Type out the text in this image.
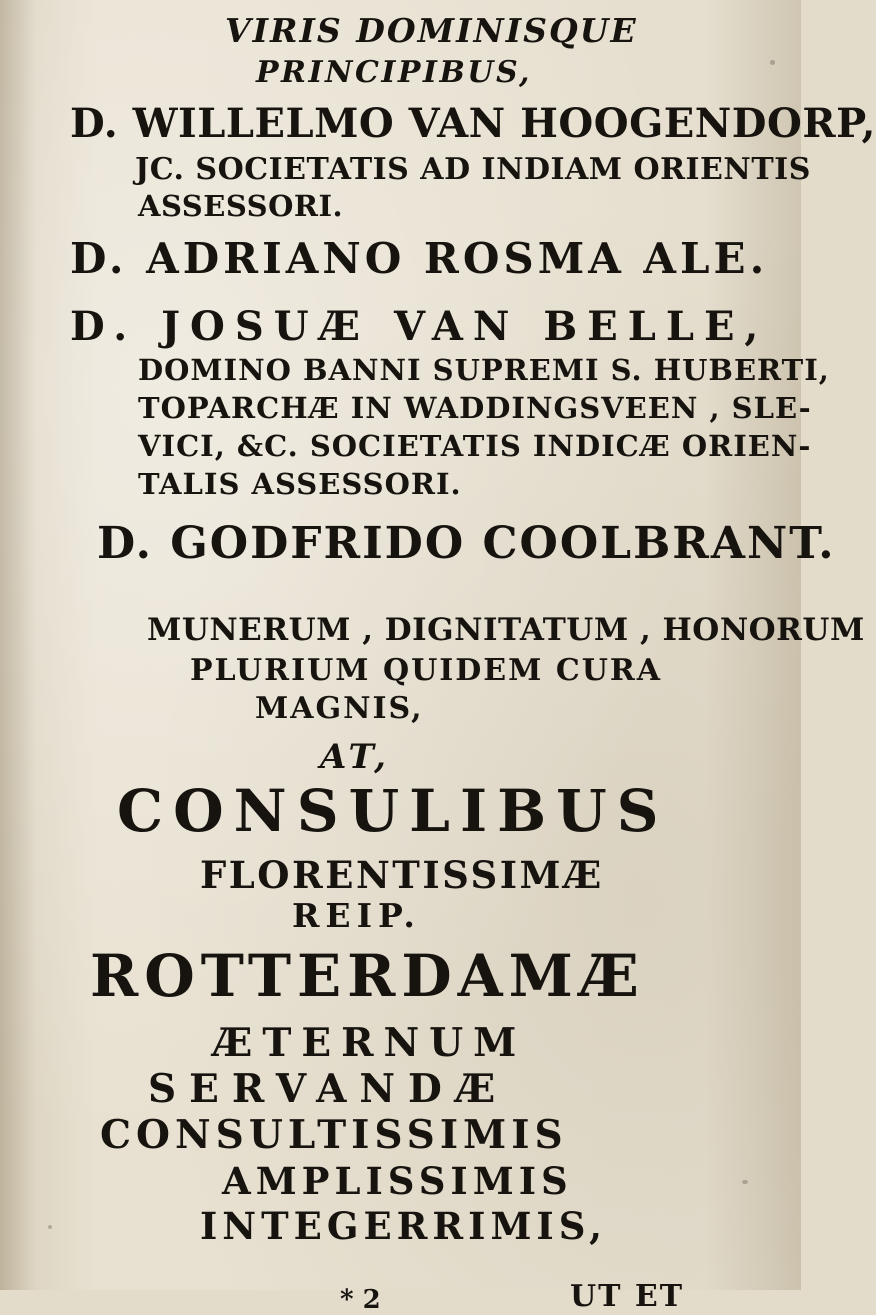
VIRIS DOMINISQUE

PRINCIPIBUS,

D. WILLELMO VAN HOOGENDORP,

JC. SOCIETATIS AD INDIAM ORIENTIS

ASSESSORI.

D. ADRIANO ROSMA ALE.

D. JOSUÆ VAN BELLE,

DOMINO BANNI SUPREMI S. HUBERTI,

TOPARCHÆ IN WADDINGSVEEN , SLE-

VICI, &C. SOCIETATIS INDICÆ ORIEN-

TALIS ASSESSORI.

D. GODFRIDO COOLBRANT.

MUNERUM , DIGNITATUM , HONORUM

PLURIUM QUIDEM CURA

MAGNIS,

AT,

CONSULIBUS

FLORENTISSIMÆ

REIP.

ROTTERDAMÆ

ÆTERNUM

SERVANDÆ

CONSULTISSIMIS

AMPLISSIMIS

INTEGERRIMIS,

* 2	UT ET
